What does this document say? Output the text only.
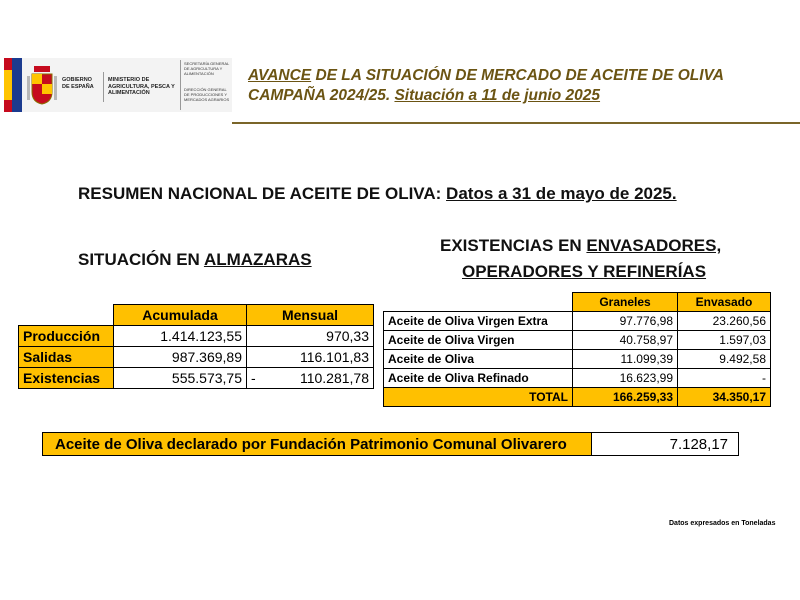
GOBIERNO DE ESPAÑA
MINISTERIO DE AGRICULTURA, PESCA Y ALIMENTACIÓN
SECRETARÍA GENERAL DE AGRICULTURA Y ALIMENTACIÓN
DIRECCIÓN GENERAL DE PRODUCCIONES Y MERCADOS AGRARIOS
AVANCE DE LA SITUACIÓN DE MERCADO DE ACEITE DE OLIVA
CAMPAÑA 2024/25. Situación a 11 de junio 2025
RESUMEN NACIONAL DE ACEITE DE OLIVA: Datos a 31 de mayo de 2025.
SITUACIÓN EN ALMAZARAS
	Acumulada	Mensual	
Producción	1.414.123,55		970,33
Salidas	987.369,89		116.101,83
Existencias	555.573,75	-	110.281,78
EXISTENCIAS EN ENVASADORES,
OPERADORES Y REFINERÍAS
	Graneles	Envasado
Aceite de Oliva Virgen Extra	97.776,98	23.260,56
Aceite de Oliva Virgen	40.758,97	1.597,03
Aceite de Oliva	11.099,39	9.492,58
Aceite de Oliva Refinado	16.623,99	-
TOTAL	166.259,33	34.350,17
Aceite de Oliva declarado por Fundación Patrimonio Comunal Olivarero	7.128,17
Datos expresados en Toneladas
